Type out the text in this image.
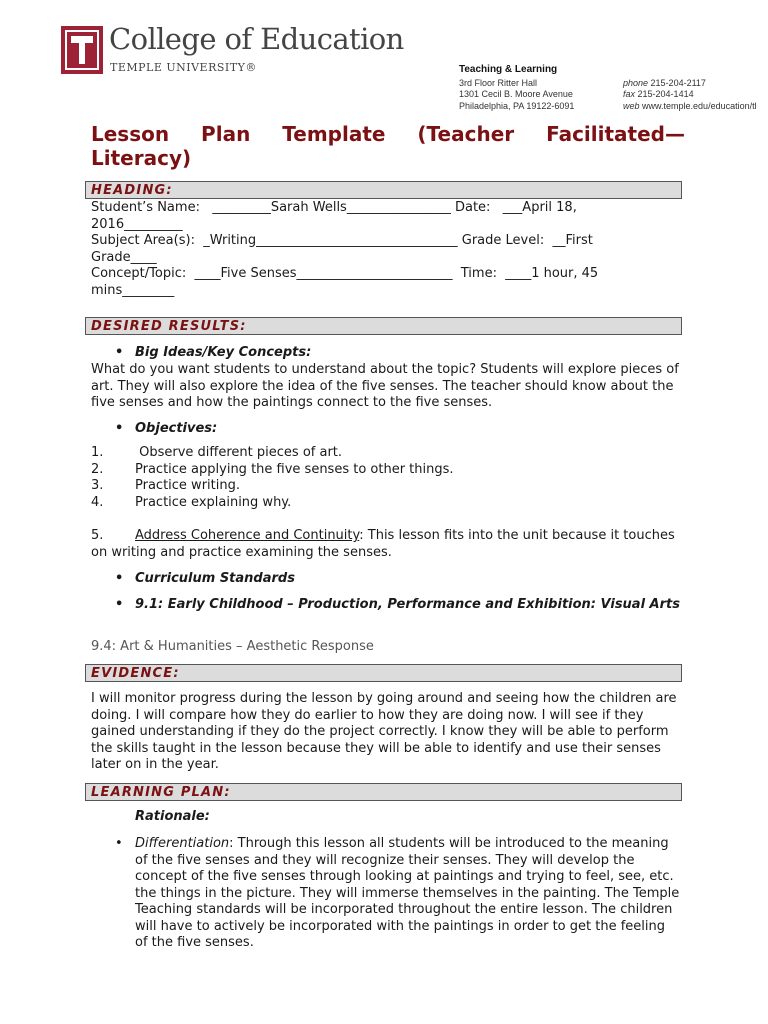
College of Education
TEMPLE UNIVERSITY®	Teaching & Learning
3rd Floor Ritter Hall	phone 215-204-2117
1301 Cecil B. Moore Avenue	fax 215-204-1414
Philadelphia, PA 19122-6091	web www.temple.edu/education/tl
Lesson Plan Template (Teacher Facilitated—Literacy)
HEADING:
Student’s Name:   _________Sarah Wells________________ Date:   ___April 18,
2016_________
Subject Area(s):  _Writing_______________________________ Grade Level:  __First
Grade____
Concept/Topic:  ____Five Senses________________________  Time:  ____1 hour, 45
mins________
DESIRED RESULTS:
• Big Ideas/Key Concepts:
What do you want students to understand about the topic? Students will explore pieces of art. They will also explore the idea of the five senses. The teacher should know about the five senses and how the paintings connect to the five senses.
• Objectives:
1. Observe different pieces of art.
2. Practice applying the five senses to other things.
3. Practice writing.
4. Practice explaining why.
5. Address Coherence and Continuity: This lesson fits into the unit because it touches on writing and practice examining the senses.
• Curriculum Standards
• 9.1: Early Childhood – Production, Performance and Exhibition: Visual Arts
9.4: Art & Humanities – Aesthetic Response
EVIDENCE:
I will monitor progress during the lesson by going around and seeing how the children are doing. I will compare how they do earlier to how they are doing now. I will see if they gained understanding if they do the project correctly. I know they will be able to perform the skills taught in the lesson because they will be able to identify and use their senses later on in the year.
LEARNING PLAN:
Rationale:
• Differentiation: Through this lesson all students will be introduced to the meaning of the five senses and they will recognize their senses. They will develop the concept of the five senses through looking at paintings and trying to feel, see, etc. the things in the picture. They will immerse themselves in the painting. The Temple Teaching standards will be incorporated throughout the entire lesson. The children will have to actively be incorporated with the paintings in order to get the feeling of the five senses.
